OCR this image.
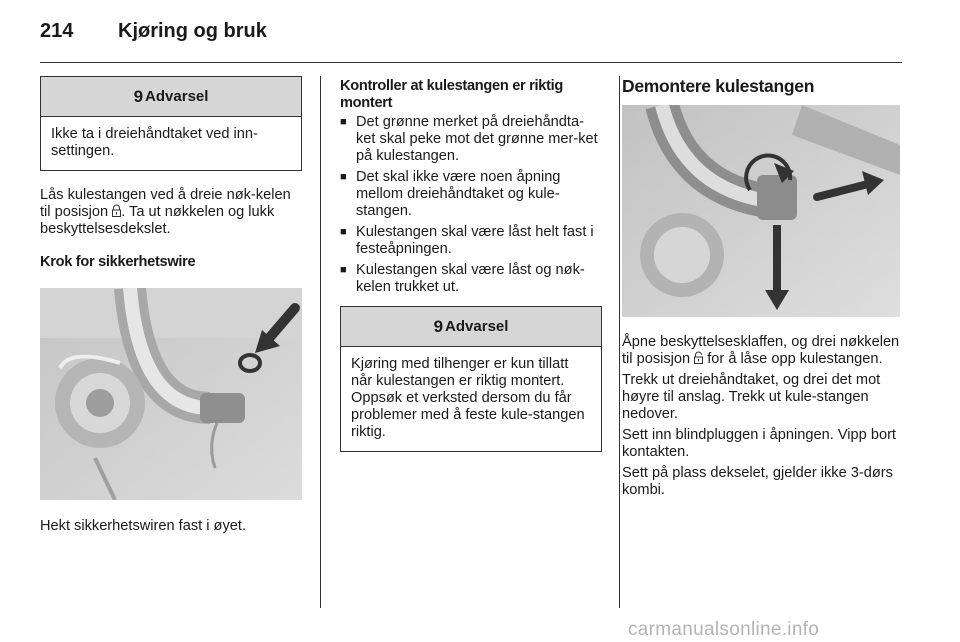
214 Kjøring og bruk
9 Advarsel
Ikke ta i dreiehåndtaket ved inn-settingen.
Lås kulestangen ved å dreie nøk-kelen til posisjon . Ta ut nøkkelen og lukk beskyttelsesdekslet.
Krok for sikkerhetswire
Hekt sikkerhetswiren fast i øyet.
Kontroller at kulestangen er riktig montert
■ Det grønne merket på dreiehåndta-ket skal peke mot det grønne mer-ket på kulestangen.
■ Det skal ikke være noen åpning mellom dreiehåndtaket og kule-stangen.
■ Kulestangen skal være låst helt fast i festeåpningen.
■ Kulestangen skal være låst og nøk-kelen trukket ut.
9 Advarsel
Kjøring med tilhenger er kun tillatt når kulestangen er riktig montert. Oppsøk et verksted dersom du får problemer med å feste kule-stangen riktig.
Demontere kulestangen
Åpne beskyttelsesklaffen, og drei nøkkelen til posisjon  for å låse opp kulestangen.
Trekk ut dreiehåndtaket, og drei det mot høyre til anslag. Trekk ut kule-stangen nedover.
Sett inn blindpluggen i åpningen. Vipp bort kontakten.
Sett på plass dekselet, gjelder ikke 3-dørs kombi.
carmanualsonline.info
